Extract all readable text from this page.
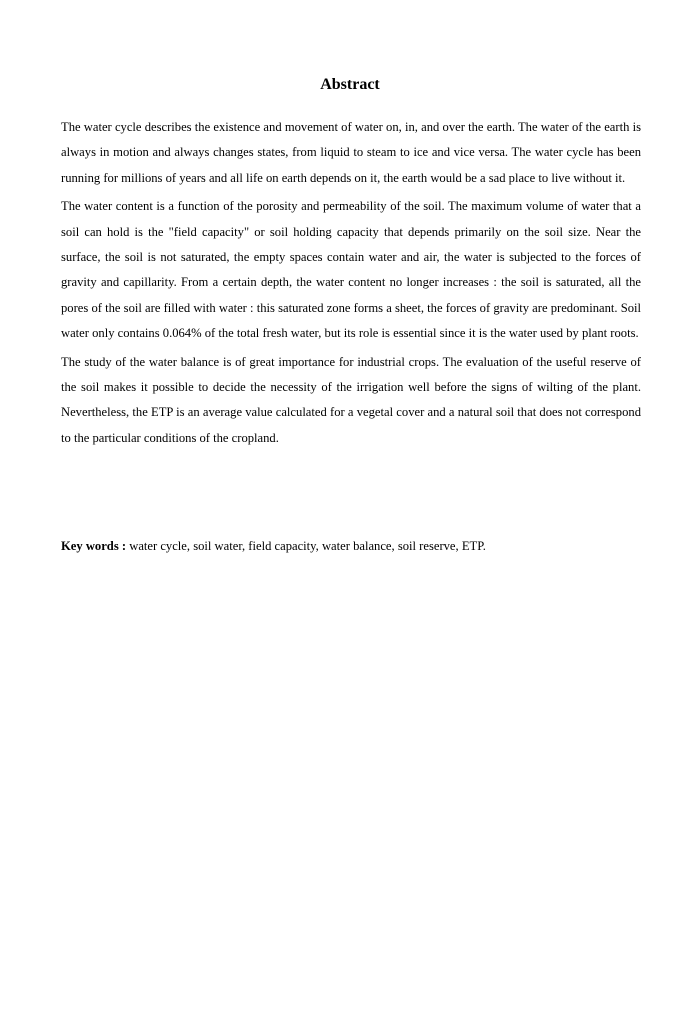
Abstract

The water cycle describes the existence and movement of water on, in, and over the earth. The water of the earth is always in motion and always changes states, from liquid to steam to ice and vice versa. The water cycle has been running for millions of years and all life on earth depends on it, the earth would be a sad place to live without it.

The water content is a function of the porosity and permeability of the soil. The maximum volume of water that a soil can hold is the "field capacity" or soil holding capacity that depends primarily on the soil size. Near the surface, the soil is not saturated, the empty spaces contain water and air, the water is subjected to the forces of gravity and capillarity. From a certain depth, the water content no longer increases : the soil is saturated, all the pores of the soil are filled with water : this saturated zone forms a sheet, the forces of gravity are predominant. Soil water only contains 0.064% of the total fresh water, but its role is essential since it is the water used by plant roots.

The study of the water balance is of great importance for industrial crops. The evaluation of the useful reserve of the soil makes it possible to decide the necessity of the irrigation well before the signs of wilting of the plant. Nevertheless, the ETP is an average value calculated for a vegetal cover and a natural soil that does not correspond to the particular conditions of the cropland.

Key words : water cycle, soil water, field capacity, water balance, soil reserve, ETP.
